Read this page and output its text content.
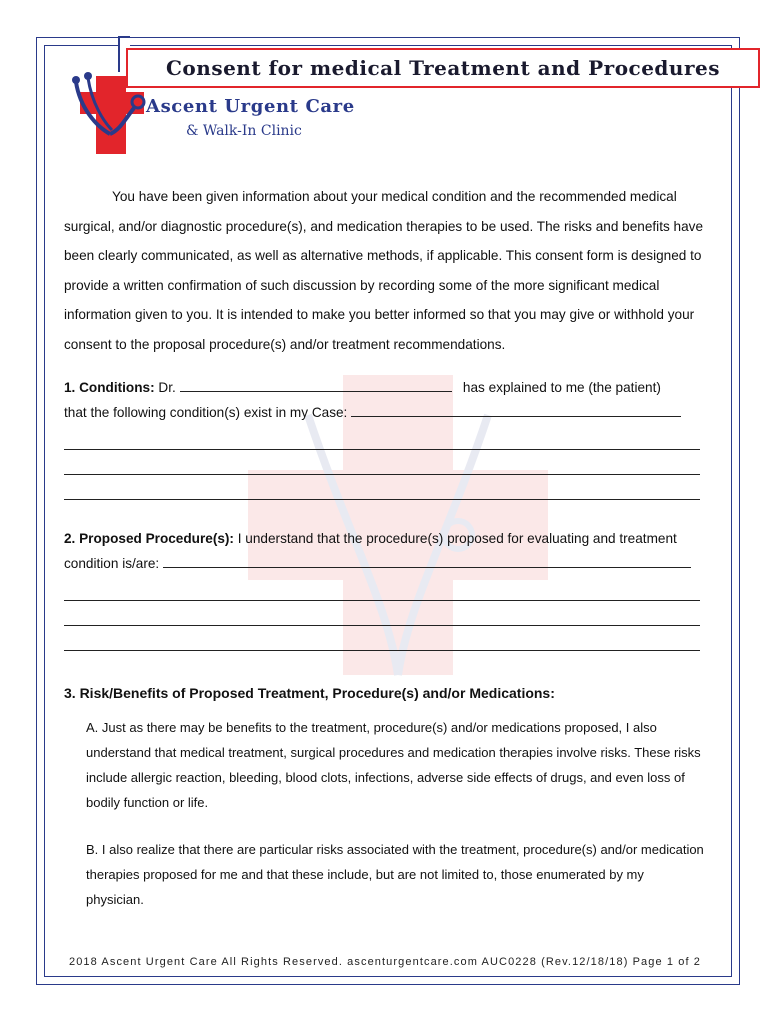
Consent for medical Treatment and Procedures
Ascent Urgent Care
& Walk-In Clinic

You have been given information about your medical condition and the recommended medical surgical, and/or diagnostic procedure(s), and medication therapies to be used. The risks and benefits have been clearly communicated, as well as alternative methods, if applicable. This consent form is designed to provide a written confirmation of such discussion by recording some of the more significant medical information given to you. It is intended to make you better informed so that you may give or withhold your consent to the proposal procedure(s) and/or treatment recommendations.

1. Conditions: Dr.	has explained to me (the patient)
that the following condition(s) exist in my Case:
2. Proposed Procedure(s): I understand that the procedure(s) proposed for evaluating and treatment
condition is/are:
3. Risk/Benefits of Proposed Treatment, Procedure(s) and/or Medications:

A. Just as there may be benefits to the treatment, procedure(s) and/or medications proposed, I also understand that medical treatment, surgical procedures and medication therapies involve risks. These risks include allergic reaction, bleeding, blood clots, infections, adverse side effects of drugs, and even loss of bodily function or life.

B. I also realize that there are particular risks associated with the treatment, procedure(s) and/or medication therapies proposed for me and that these include, but are not limited to, those enumerated by my physician.

2018 Ascent Urgent Care All Rights Reserved. ascenturgentcare.com AUC0228 (Rev.12/18/18) Page 1 of 2
